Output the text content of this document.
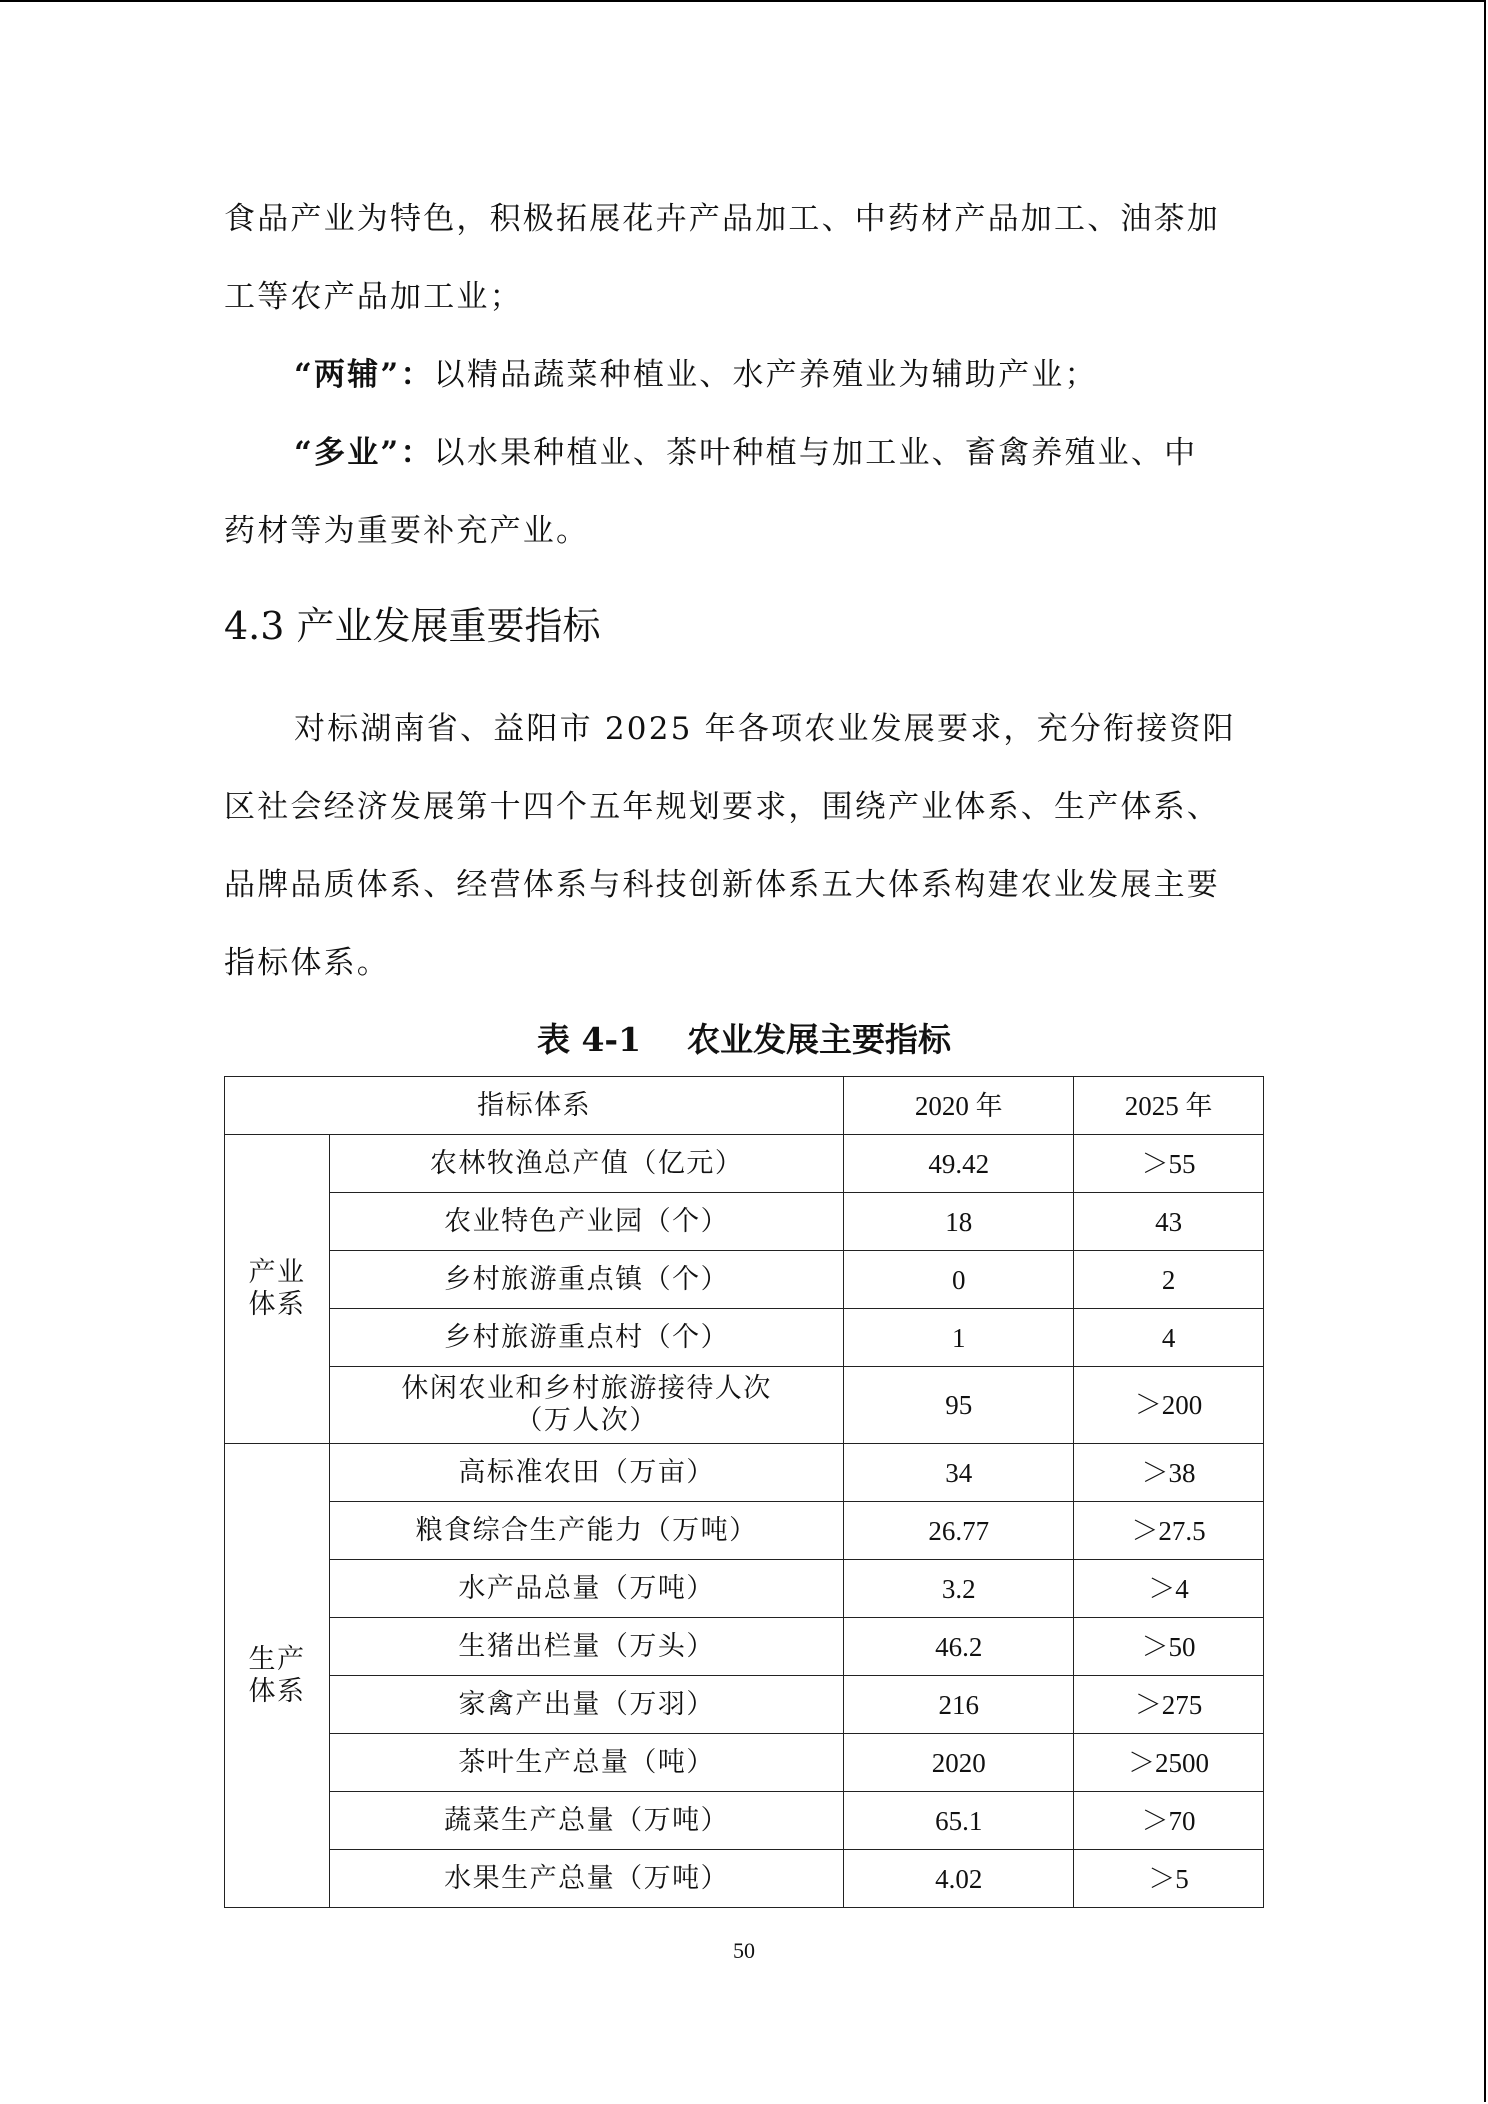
食品产业为特色，积极拓展花卉产品加工、中药材产品加工、油茶加

工等农产品加工业；

“两辅”：以精品蔬菜种植业、水产养殖业为辅助产业；

“多业”：以水果种植业、茶叶种植与加工业、畜禽养殖业、中

药材等为重要补充产业。

4.3 产业发展重要指标

对标湖南省、益阳市 2025 年各项农业发展要求，充分衔接资阳

区社会经济发展第十四个五年规划要求，围绕产业体系、生产体系、

品牌品质体系、经营体系与科技创新体系五大体系构建农业发展主要

指标体系。

表 4-1    农业发展主要指标

指标体系		2020 年	2025 年
产业
体系	农林牧渔总产值（亿元）	49.42	＞55
	农业特色产业园（个）	18	43
	乡村旅游重点镇（个）	0	2
	乡村旅游重点村（个）	1	4
	休闲农业和乡村旅游接待人次
（万人次）	95	＞200
生产
体系	高标准农田（万亩）	34	＞38
	粮食综合生产能力（万吨）	26.77	＞27.5
	水产品总量（万吨）	3.2	＞4
	生猪出栏量（万头）	46.2	＞50
	家禽产出量（万羽）	216	＞275
	茶叶生产总量（吨）	2020	＞2500
	蔬菜生产总量（万吨）	65.1	＞70
	水果生产总量（万吨）	4.02	＞5
50
